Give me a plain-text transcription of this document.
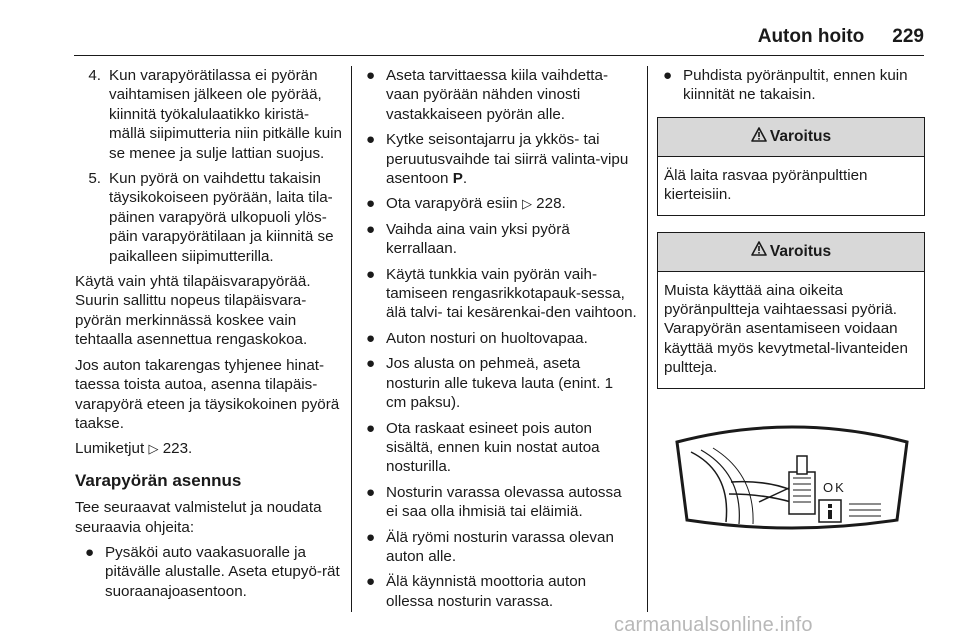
Auton hoito 229
4. Kun varapyörätilassa ei pyörän vaihtamisen jälkeen ole pyörää, kiinnitä työkalulaatikko kiristä-mällä siipimutteria niin pitkälle kuin se menee ja sulje lattian suojus.
5. Kun pyörä on vaihdettu takaisin täysikokoiseen pyörään, laita tila-päinen varapyörä ulkopuoli ylös-päin varapyörätilaan ja kiinnitä se paikalleen siipimutterilla.

Käytä vain yhtä tilapäisvarapyörää. Suurin sallittu nopeus tilapäisvara-pyörän merkinnässä koskee vain tehtaalla asennettua rengaskokoa.

Jos auton takarengas tyhjenee hinat-taessa toista autoa, asenna tilapäis-varapyörä eteen ja täysikokoinen pyörä taakse.

Lumiketjut ▷ 223.

Varapyörän asennus

Tee seuraavat valmistelut ja noudata seuraavia ohjeita:

● Pysäköi auto vaakasuoralle ja pitävälle alustalle. Aseta etupyö-rät suoraanajoasentoon.
● Aseta tarvittaessa kiila vaihdetta-vaan pyörään nähden vinosti vastakkaiseen pyörän alle.
● Kytke seisontajarru ja ykkös- tai peruutusvaihde tai siirrä valinta-vipu asentoon P.
● Ota varapyörä esiin ▷ 228.
● Vaihda aina vain yksi pyörä kerrallaan.
● Käytä tunkkia vain pyörän vaih-tamiseen rengasrikkotapauk-sessa, älä talvi- tai kesärenkai-den vaihtoon.
● Auton nosturi on huoltovapaa.
● Jos alusta on pehmeä, aseta nosturin alle tukeva lauta (enint. 1 cm paksu).
● Ota raskaat esineet pois auton sisältä, ennen kuin nostat autoa nosturilla.
● Nosturin varassa olevassa autossa ei saa olla ihmisiä tai eläimiä.
● Älä ryömi nosturin varassa olevan auton alle.
● Älä käynnistä moottoria auton ollessa nosturin varassa.
● Puhdista pyöränpultit, ennen kuin kiinnität ne takaisin.
Varoitus
Älä laita rasvaa pyöränpulttien kierteisiin.
Varoitus
Muista käyttää aina oikeita pyöränpultteja vaihtaessasi pyöriä. Varapyörän asentamiseen voidaan käyttää myös kevytmetal-livanteiden pultteja.
OK
carmanualsonline.info
